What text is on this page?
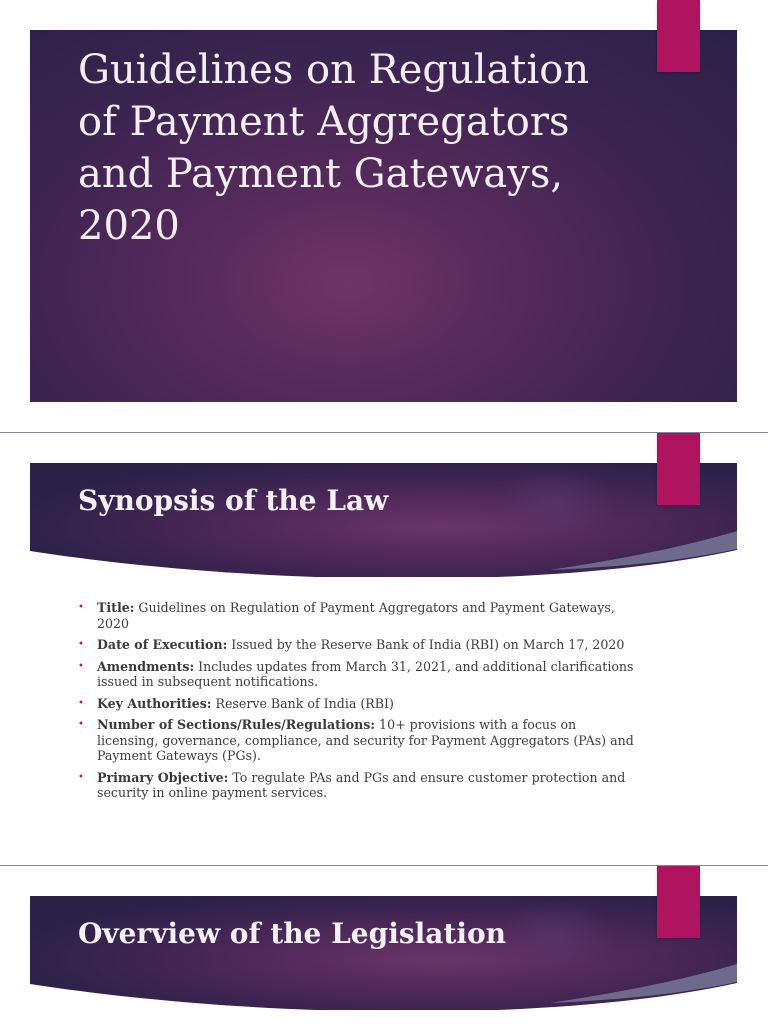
Guidelines on Regulation of Payment Aggregators and Payment Gateways, 2020
Synopsis of the Law
• Title: Guidelines on Regulation of Payment Aggregators and Payment Gateways, 2020
• Date of Execution: Issued by the Reserve Bank of India (RBI) on March 17, 2020
• Amendments: Includes updates from March 31, 2021, and additional clarifications issued in subsequent notifications.
• Key Authorities: Reserve Bank of India (RBI)
• Number of Sections/Rules/Regulations: 10+ provisions with a focus on licensing, governance, compliance, and security for Payment Aggregators (PAs) and Payment Gateways (PGs).
• Primary Objective: To regulate PAs and PGs and ensure customer protection and security in online payment services.
Overview of the Legislation
